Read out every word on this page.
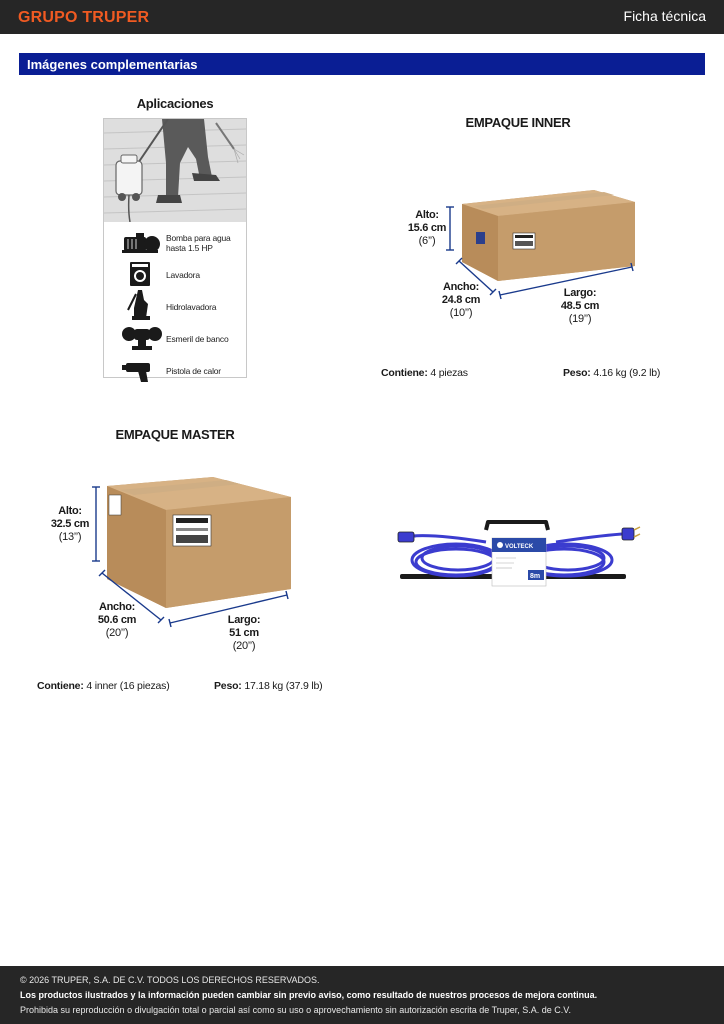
GRUPO TRUPER	Ficha técnica
Imágenes complementarias
Aplicaciones
Bomba para agua hasta 1.5 HP
Lavadora
Hidrolavadora
Esmeril de banco
Pistola de calor
EMPAQUE INNER
Alto:
15.6 cm
(6’’)
Ancho:
24.8 cm
(10’’)
Largo:
48.5 cm
(19’’)
Contiene: 4 piezas	Peso: 4.16 kg (9.2 lb)
EMPAQUE MASTER
Alto:
32.5 cm
(13’’)
Ancho:
50.6 cm
(20’’)
Largo:
51 cm
(20’’)
Contiene: 4 inner (16 piezas)	Peso: 17.18 kg (37.9 lb)
VOLTECK
8m
© 2026 TRUPER, S.A. DE C.V. TODOS LOS DERECHOS RESERVADOS.
Los productos ilustrados y la información pueden cambiar sin previo aviso, como resultado de nuestros procesos de mejora continua.
Prohibida su reproducción o divulgación total o parcial así como su uso o aprovechamiento sin autorización escrita de Truper, S.A. de C.V.
